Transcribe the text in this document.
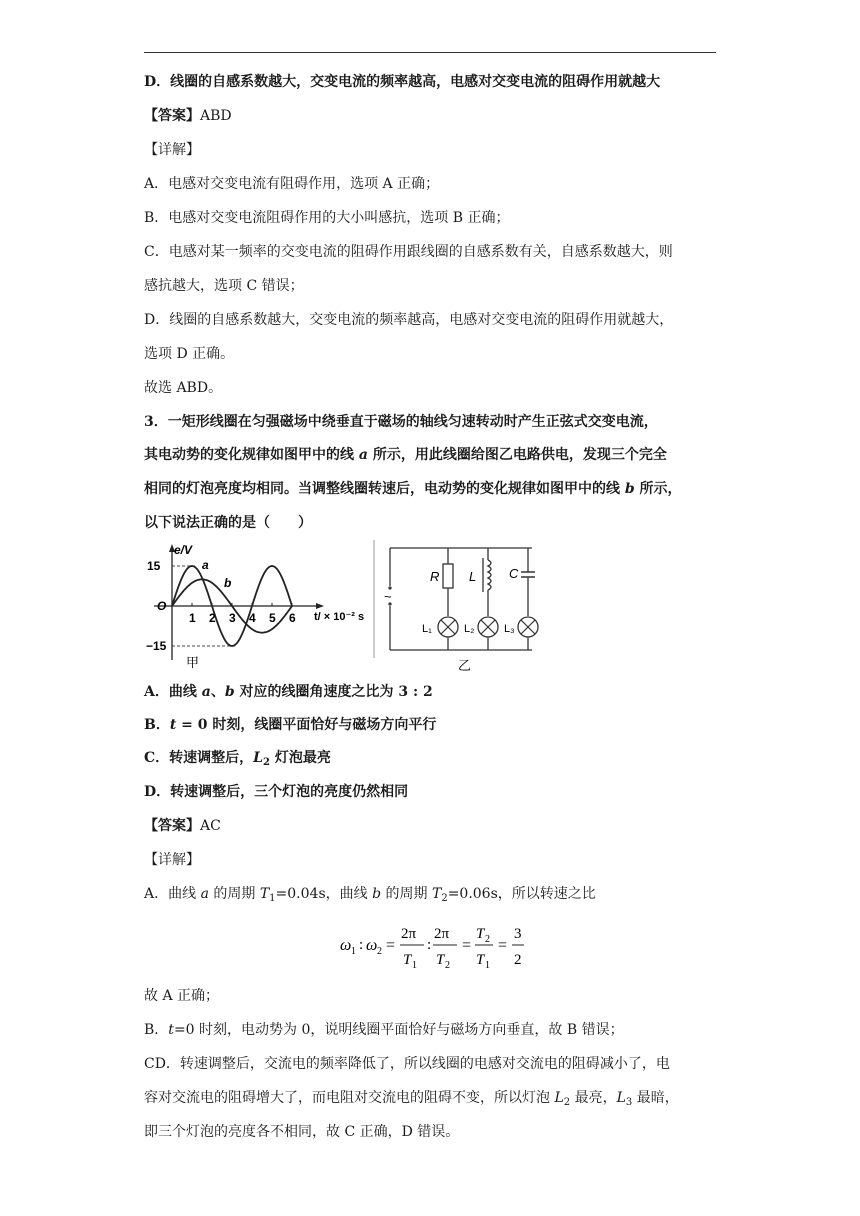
D．线圈的自感系数越大，交变电流的频率越高，电感对交变电流的阻碍作用就越大
【答案】ABD
【详解】
A．电感对交变电流有阻碍作用，选项 A 正确；
B．电感对交变电流阻碍作用的大小叫感抗，选项 B 正确；
C．电感对某一频率的交变电流的阻碍作用跟线圈的自感系数有关，自感系数越大，则
感抗越大，选项 C 错误；
D．线圈的自感系数越大，交变电流的频率越高，电感对交变电流的阻碍作用就越大，
选项 D 正确。
故选 ABD。
3．一矩形线圈在匀强磁场中绕垂直于磁场的轴线匀速转动时产生正弦式交变电流，
其电动势的变化规律如图甲中的线 a 所示，用此线圈给图乙电路供电，发现三个完全
相同的灯泡亮度均相同。当调整线圈转速后，电动势的变化规律如图甲中的线 b 所示，
以下说法正确的是（　　）
e/V
15
O
−15
a
b
1 2 3 4 5 6 t/ × 10⁻² s
甲
~
R
L₁
L
L₂
C
L₃
乙
A．曲线 a、b 对应的线圈角速度之比为 3 : 2
B．t = 0 时刻，线圈平面恰好与磁场方向平行
C．转速调整后，$L_2$ 灯泡最亮
D．转速调整后，三个灯泡的亮度仍然相同
【答案】AC
【详解】
A．曲线 a 的周期 $T_1=0.04s$，曲线 b 的周期 $T_2=0.06s$，所以转速之比
ω 1 : ω 2 =
2π
T 1
:
2π
T 2
=
T 2
T 1
=
3
2
故 A 正确；
B．t=0 时刻，电动势为 0，说明线圈平面恰好与磁场方向垂直，故 B 错误；
CD．转速调整后，交流电的频率降低了，所以线圈的电感对交流电的阻碍减小了，电
容对交流电的阻碍增大了，而电阻对交流电的阻碍不变，所以灯泡 $L_2$ 最亮，$L_3$ 最暗，
即三个灯泡的亮度各不相同，故 C 正确，D 错误。
